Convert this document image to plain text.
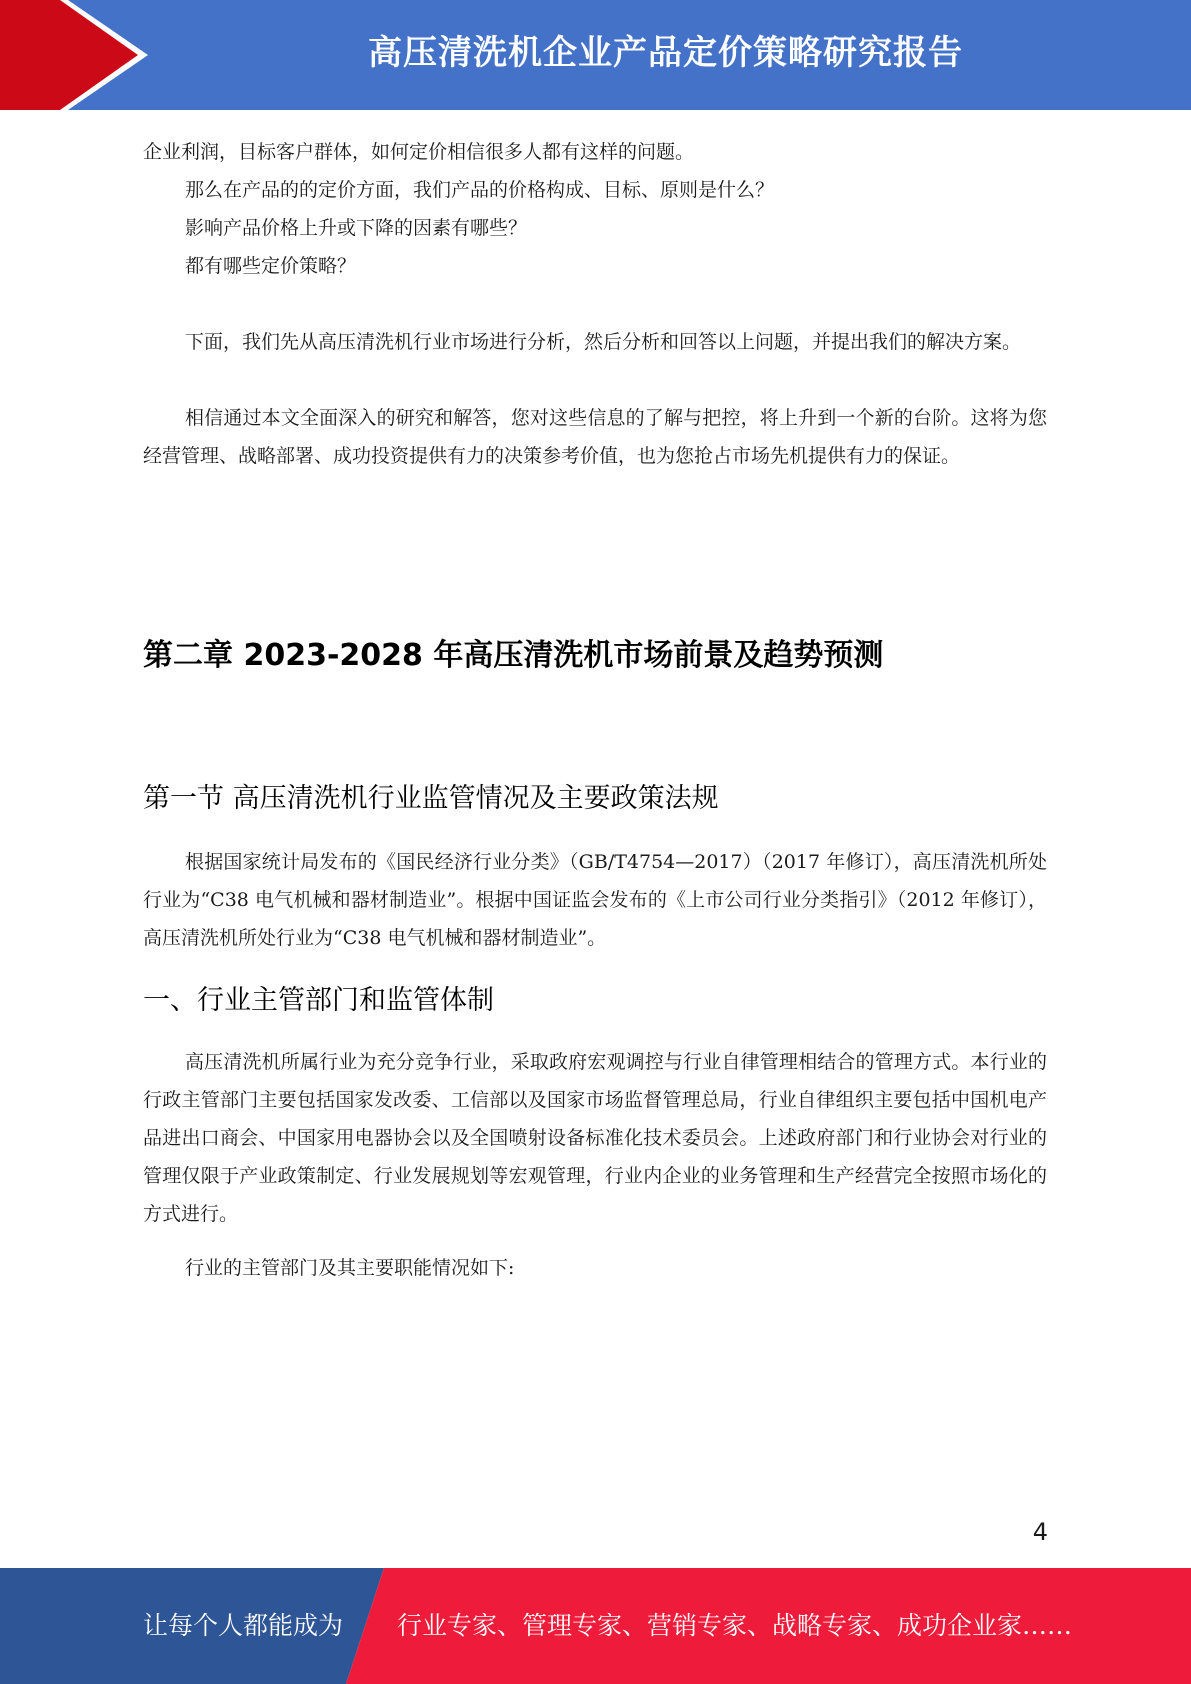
高压清洗机企业产品定价策略研究报告

企业利润，目标客户群体，如何定价相信很多人都有这样的问题。

那么在产品的的定价方面，我们产品的价格构成、目标、原则是什么？

影响产品价格上升或下降的因素有哪些？

都有哪些定价策略？

下面，我们先从高压清洗机行业市场进行分析，然后分析和回答以上问题，并提出我们的解决方案。

相信通过本文全面深入的研究和解答，您对这些信息的了解与把控，将上升到一个新的台阶。这将为您经营管理、战略部署、成功投资提供有力的决策参考价值，也为您抢占市场先机提供有力的保证。

第二章 2023-2028 年高压清洗机市场前景及趋势预测
第一节 高压清洗机行业监管情况及主要政策法规

根据国家统计局发布的《国民经济行业分类》（GB/T4754—2017）（2017 年修订），高压清洗机所处行业为“C38 电气机械和器材制造业”。根据中国证监会发布的《上市公司行业分类指引》（2012 年修订），高压清洗机所处行业为“C38 电气机械和器材制造业”。

一、行业主管部门和监管体制

高压清洗机所属行业为充分竞争行业，采取政府宏观调控与行业自律管理相结合的管理方式。本行业的行政主管部门主要包括国家发改委、工信部以及国家市场监督管理总局，行业自律组织主要包括中国机电产品进出口商会、中国家用电器协会以及全国喷射设备标准化技术委员会。上述政府部门和行业协会对行业的管理仅限于产业政策制定、行业发展规划等宏观管理，行业内企业的业务管理和生产经营完全按照市场化的方式进行。

行业的主管部门及其主要职能情况如下:

4
让每个人都能成为 行业专家、管理专家、营销专家、战略专家、成功企业家……
